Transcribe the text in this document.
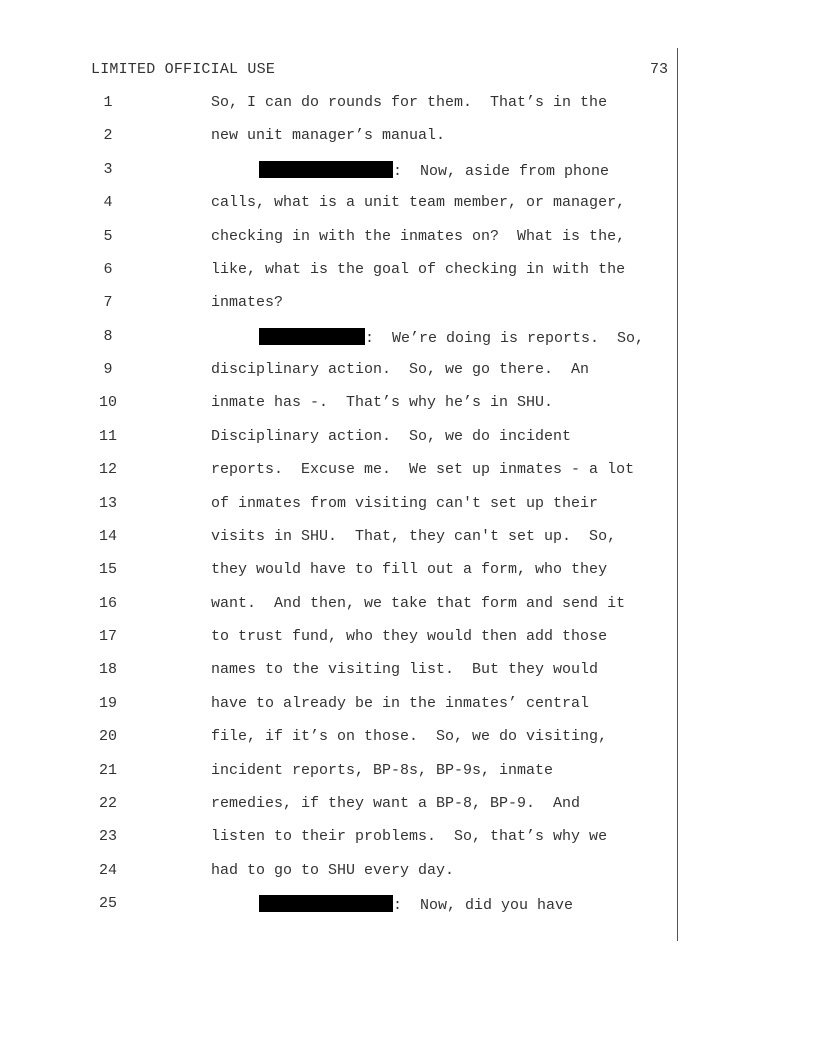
LIMITED OFFICIAL USE	73
1	So, I can do rounds for them.  That’s in the
2	new unit manager’s manual.
3	:  Now, aside from phone
4	calls, what is a unit team member, or manager,
5	checking in with the inmates on?  What is the,
6	like, what is the goal of checking in with the
7	inmates?
8	:  We’re doing is reports.  So,
9	disciplinary action.  So, we go there.  An
10	inmate has -.  That’s why he’s in SHU.
11	Disciplinary action.  So, we do incident
12	reports.  Excuse me.  We set up inmates - a lot
13	of inmates from visiting can't set up their
14	visits in SHU.  That, they can't set up.  So,
15	they would have to fill out a form, who they
16	want.  And then, we take that form and send it
17	to trust fund, who they would then add those
18	names to the visiting list.  But they would
19	have to already be in the inmates’ central
20	file, if it’s on those.  So, we do visiting,
21	incident reports, BP-8s, BP-9s, inmate
22	remedies, if they want a BP-8, BP-9.  And
23	listen to their problems.  So, that’s why we
24	had to go to SHU every day.
25	:  Now, did you have
